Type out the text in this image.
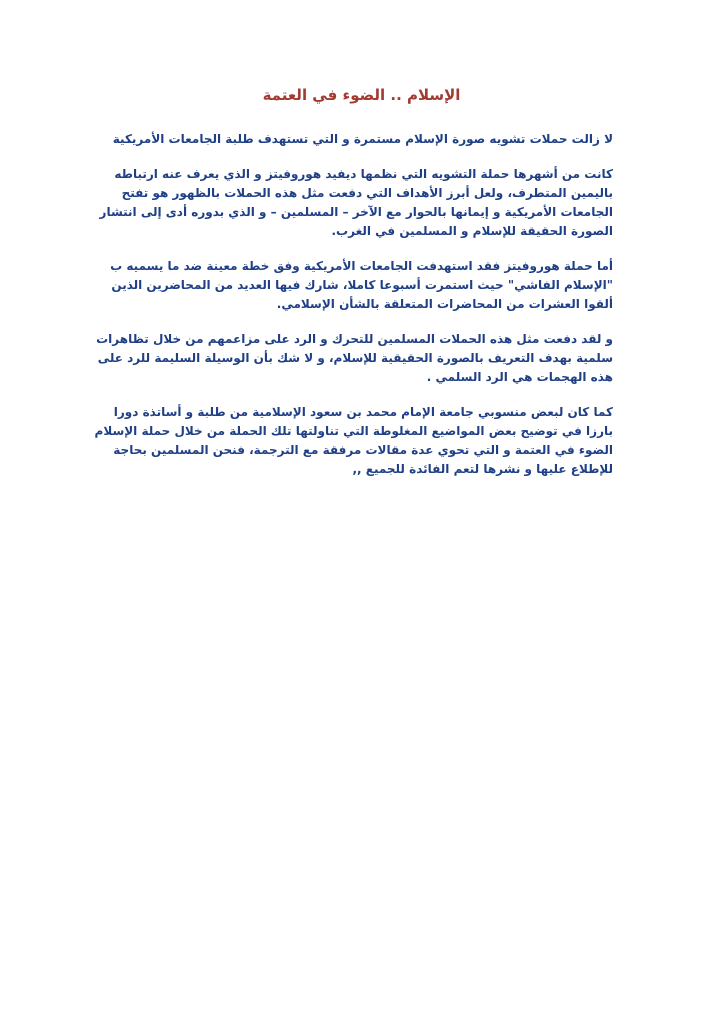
الإسلام .. الضوء في العتمة

لا زالت حملات تشويه صورة الإسلام مستمرة و التي تستهدف طلبة الجامعات الأمريكية

كانت من أشهرها حملة التشويه التي نظمها ديفيد هوروفيتز و الذي يعرف عنه ارتباطه
باليمين المتطرف، ولعل أبرز الأهداف التي دفعت مثل هذه الحملات بالظهور هو تفتح
الجامعات الأمريكية و إيمانها بالحوار مع الآخر – المسلمين – و الذي بدوره أدى إلى انتشار
الصورة الحقيقة للإسلام و المسلمين في الغرب.

أما حملة هوروفيتز فقد استهدفت الجامعات الأمريكية وفق خطة معينة ضد ما يسميه ب
"الإسلام الفاشي" حيث استمرت أسبوعا كاملا، شارك فيها العديد من المحاضرين الذين
ألقوا العشرات من المحاضرات المتعلقة بالشأن الإسلامي.

و لقد دفعت مثل هذه الحملات المسلمين للتحرك و الرد على مزاعمهم من خلال تظاهرات
سلمية بهدف التعريف بالصورة الحقيقية للإسلام، و لا شك بأن الوسيلة السليمة للرد على
هذه الهجمات هي الرد السلمي .

كما كان لبعض منسوبي جامعة الإمام محمد بن سعود الإسلامية من طلبة و أساتذة دورا
بارزا في توضيح بعض المواضيع المغلوطة التي تناولتها تلك الحملة من خلال حملة الإسلام
الضوء في العتمة و التي تحوي عدة مقالات مرفقة مع الترجمة، فنحن المسلمين بحاجة
للإطلاع عليها و نشرها لتعم الفائدة للجميع ,,
